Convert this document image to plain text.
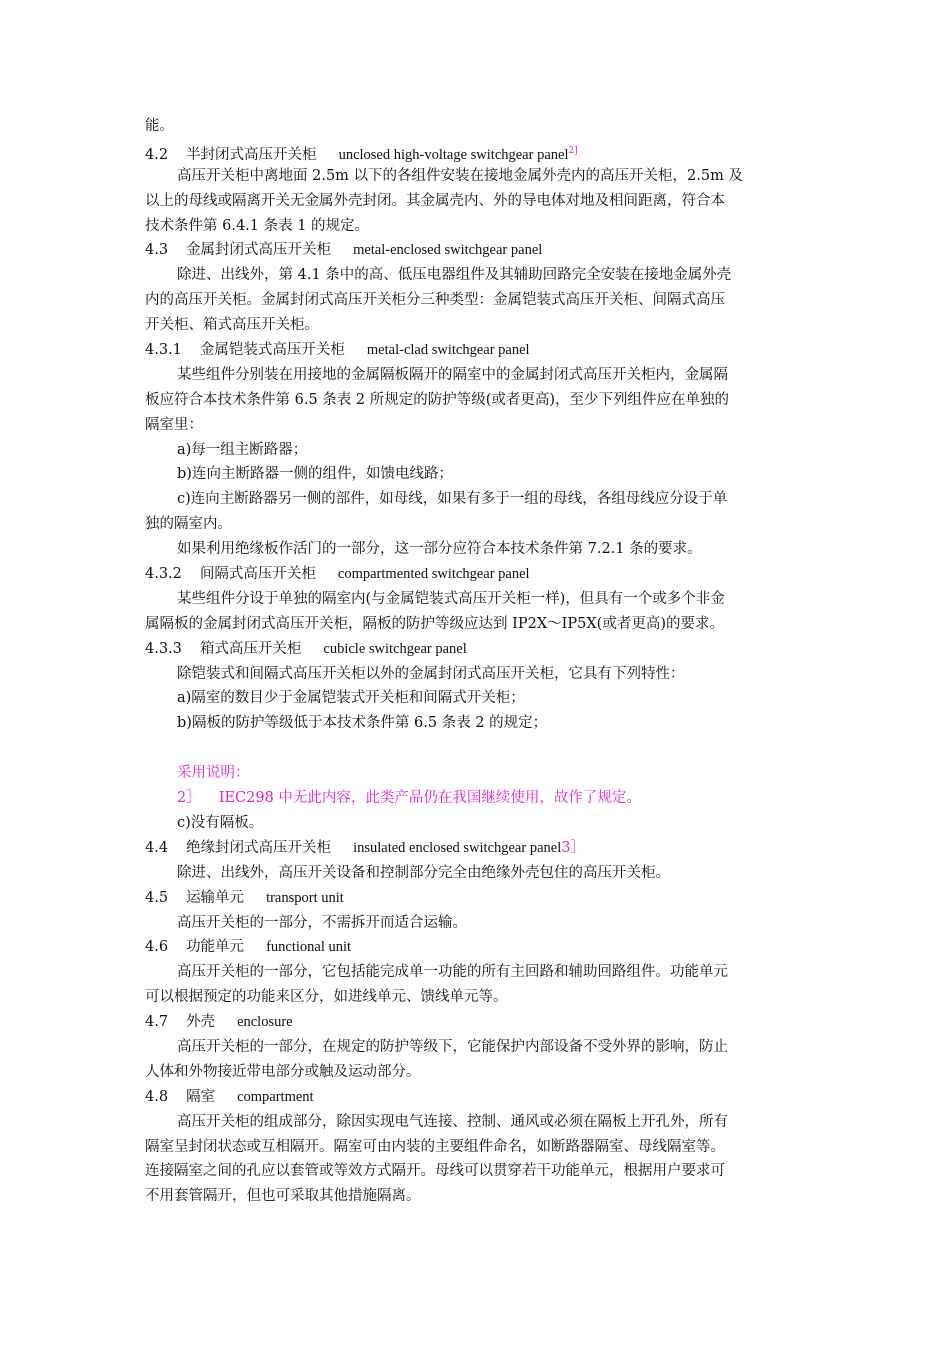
能。
4.2 半封闭式高压开关柜 unclosed high-voltage switchgear panel$^{2]}$
高压开关柜中离地面 2.5m 以下的各组件安装在接地金属外壳内的高压开关柜，2.5m 及
以上的母线或隔离开关无金属外壳封闭。其金属壳内、外的导电体对地及相间距离，符合本
技术条件第 6.4.1 条表 1 的规定。
4.3 金属封闭式高压开关柜 metal-enclosed switchgear panel
除进、出线外，第 4.1 条中的高、低压电器组件及其辅助回路完全安装在接地金属外壳
内的高压开关柜。金属封闭式高压开关柜分三种类型：金属铠装式高压开关柜、间隔式高压
开关柜、箱式高压开关柜。
4.3.1 金属铠装式高压开关柜 metal-clad switchgear panel
某些组件分别装在用接地的金属隔板隔开的隔室中的金属封闭式高压开关柜内，金属隔
板应符合本技术条件第 6.5 条表 2 所规定的防护等级(或者更高)，至少下列组件应在单独的
隔室里：
a)每一组主断路器；
b)连向主断路器一侧的组件，如馈电线路；
c)连向主断路器另一侧的部件，如母线，如果有多于一组的母线，各组母线应分设于单
独的隔室内。
如果利用绝缘板作活门的一部分，这一部分应符合本技术条件第 7.2.1 条的要求。
4.3.2 间隔式高压开关柜 compartmented switchgear panel
某些组件分设于单独的隔室内(与金属铠装式高压开关柜一样)，但具有一个或多个非金
属隔板的金属封闭式高压开关柜，隔板的防护等级应达到 IP2X～IP5X(或者更高)的要求。
4.3.3 箱式高压开关柜 cubicle switchgear panel
除铠装式和间隔式高压开关柜以外的金属封闭式高压开关柜，它具有下列特性：
a)隔室的数目少于金属铠装式开关柜和间隔式开关柜；
b)隔板的防护等级低于本技术条件第 6.5 条表 2 的规定；
采用说明：
2］ IEC298 中无此内容，此类产品仍在我国继续使用，故作了规定。
c)没有隔板。
4.4 绝缘封闭式高压开关柜 insulated enclosed switchgear panel3］
除进、出线外，高压开关设备和控制部分完全由绝缘外壳包住的高压开关柜。
4.5 运输单元 transport unit
高压开关柜的一部分，不需拆开而适合运输。
4.6 功能单元 functional unit
高压开关柜的一部分，它包括能完成单一功能的所有主回路和辅助回路组件。功能单元
可以根据预定的功能来区分，如进线单元、馈线单元等。
4.7 外壳 enclosure
高压开关柜的一部分，在规定的防护等级下，它能保护内部设备不受外界的影响，防止
人体和外物接近带电部分或触及运动部分。
4.8 隔室 compartment
高压开关柜的组成部分，除因实现电气连接、控制、通风或必须在隔板上开孔外，所有
隔室呈封闭状态或互相隔开。隔室可由内装的主要组件命名，如断路器隔室、母线隔室等。
连接隔室之间的孔应以套管或等效方式隔开。母线可以贯穿若干功能单元，根据用户要求可
不用套管隔开，但也可采取其他措施隔离。
